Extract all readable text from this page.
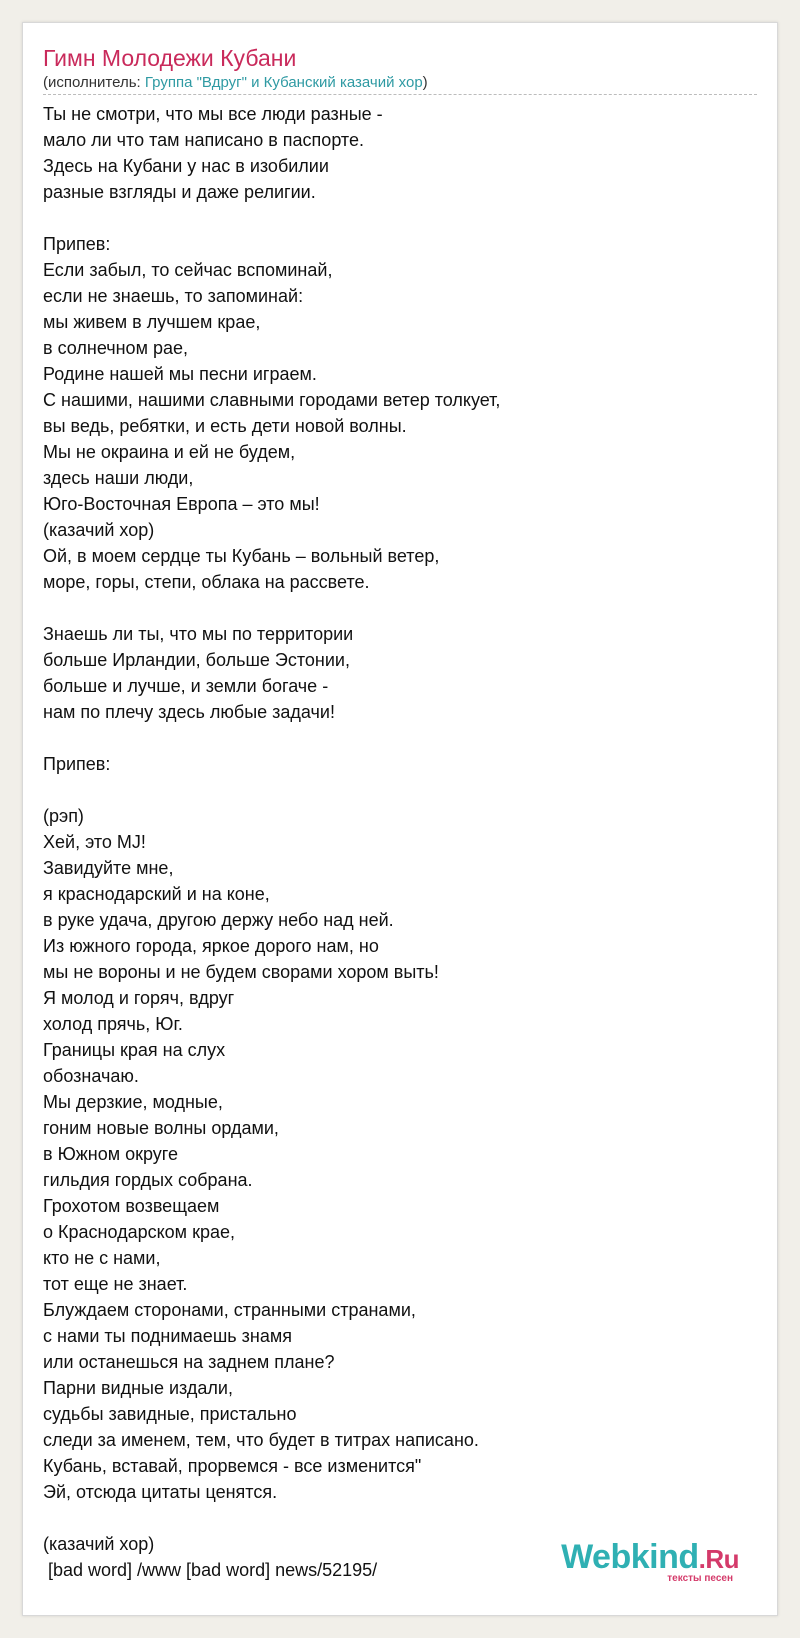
Гимн Молодежи Кубани
(исполнитель: Группа "Вдруг" и Кубанский казачий хор)
Ты не смотри, что мы все люди разные -
мало ли что там написано в паспорте.
Здесь на Кубани у нас в изобилии
разные взгляды и даже религии.
Припев:
Если забыл, то сейчас вспоминай,
если не знаешь, то запоминай:
мы живем в лучшем крае,
в солнечном рае,
Родине нашей мы песни играем.
С нашими, нашими славными городами ветер толкует,
вы ведь, ребятки, и есть дети новой волны.
Мы не окраина и ей не будем,
здесь наши люди,
Юго-Восточная Европа – это мы!
(казачий хор)
Ой, в моем сердце ты Кубань – вольный ветер,
море, горы, степи, облака на рассвете.
Знаешь ли ты, что мы по территории
больше Ирландии, больше Эстонии,
больше и лучше, и земли богаче -
нам по плечу здесь любые задачи!
Припев:
(рэп)
Хей, это MJ!
Завидуйте мне,
я краснодарский и на коне,
в руке удача, другою держу небо над ней.
Из южного города, яркое дорого нам, но
мы не вороны и не будем сворами хором выть!
Я молод и горяч, вдруг
холод прячь, Юг.
Границы края на слух
обозначаю.
Мы дерзкие, модные,
гоним новые волны ордами,
в Южном округе
гильдия гордых собрана.
Грохотом возвещаем
о Краснодарском крае,
кто не с нами,
тот еще не знает.
Блуждаем сторонами, странными странами,
с нами ты поднимаешь знамя
или останешься на заднем плане?
Парни видные издали,
судьбы завидные, пристально
следи за именем, тем, что будет в титрах написано.
Кубань, вставай, прорвемся - все изменится"
Эй, отсюда цитаты ценятся.
(казачий хор)
[bad word] /www [bad word] news/52195/	Webkind.Ru
тексты песен
